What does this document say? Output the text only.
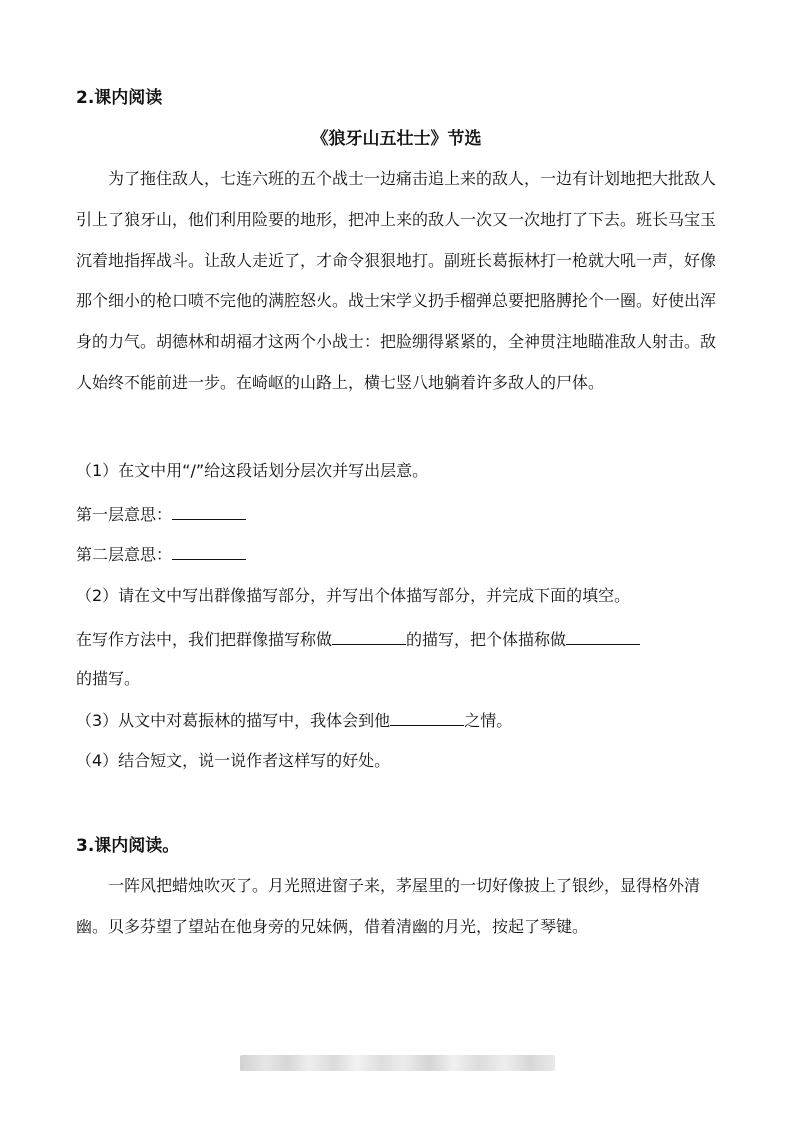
2.课内阅读
《狼牙山五壮士》节选

为了拖住敌人，七连六班的五个战士一边痛击追上来的敌人，一边有计划地把大批敌人引上了狼牙山，他们利用险要的地形，把冲上来的敌人一次又一次地打了下去。班长马宝玉沉着地指挥战斗。让敌人走近了，才命令狠狠地打。副班长葛振林打一枪就大吼一声，好像那个细小的枪口喷不完他的满腔怒火。战士宋学义扔手榴弹总要把胳膊抡个一圈。好使出浑身的力气。胡德林和胡福才这两个小战士：把脸绷得紧紧的，全神贯注地瞄准敌人射击。敌人始终不能前进一步。在崎岖的山路上，横七竖八地躺着许多敌人的尸体。

（1）在文中用“/”给这段话划分层次并写出层意。
第一层意思：
第二层意思：
（2）请在文中写出群像描写部分，并写出个体描写部分，并完成下面的填空。
在写作方法中，我们把群像描写称做	的描写，把个体描称做
的描写。
（3）从文中对葛振林的描写中，我体会到他	之情。
（4）结合短文，说一说作者这样写的好处。
3.课内阅读。

一阵风把蜡烛吹灭了。月光照进窗子来，茅屋里的一切好像披上了银纱，显得格外清幽。贝多芬望了望站在他身旁的兄妹俩，借着清幽的月光，按起了琴键。
